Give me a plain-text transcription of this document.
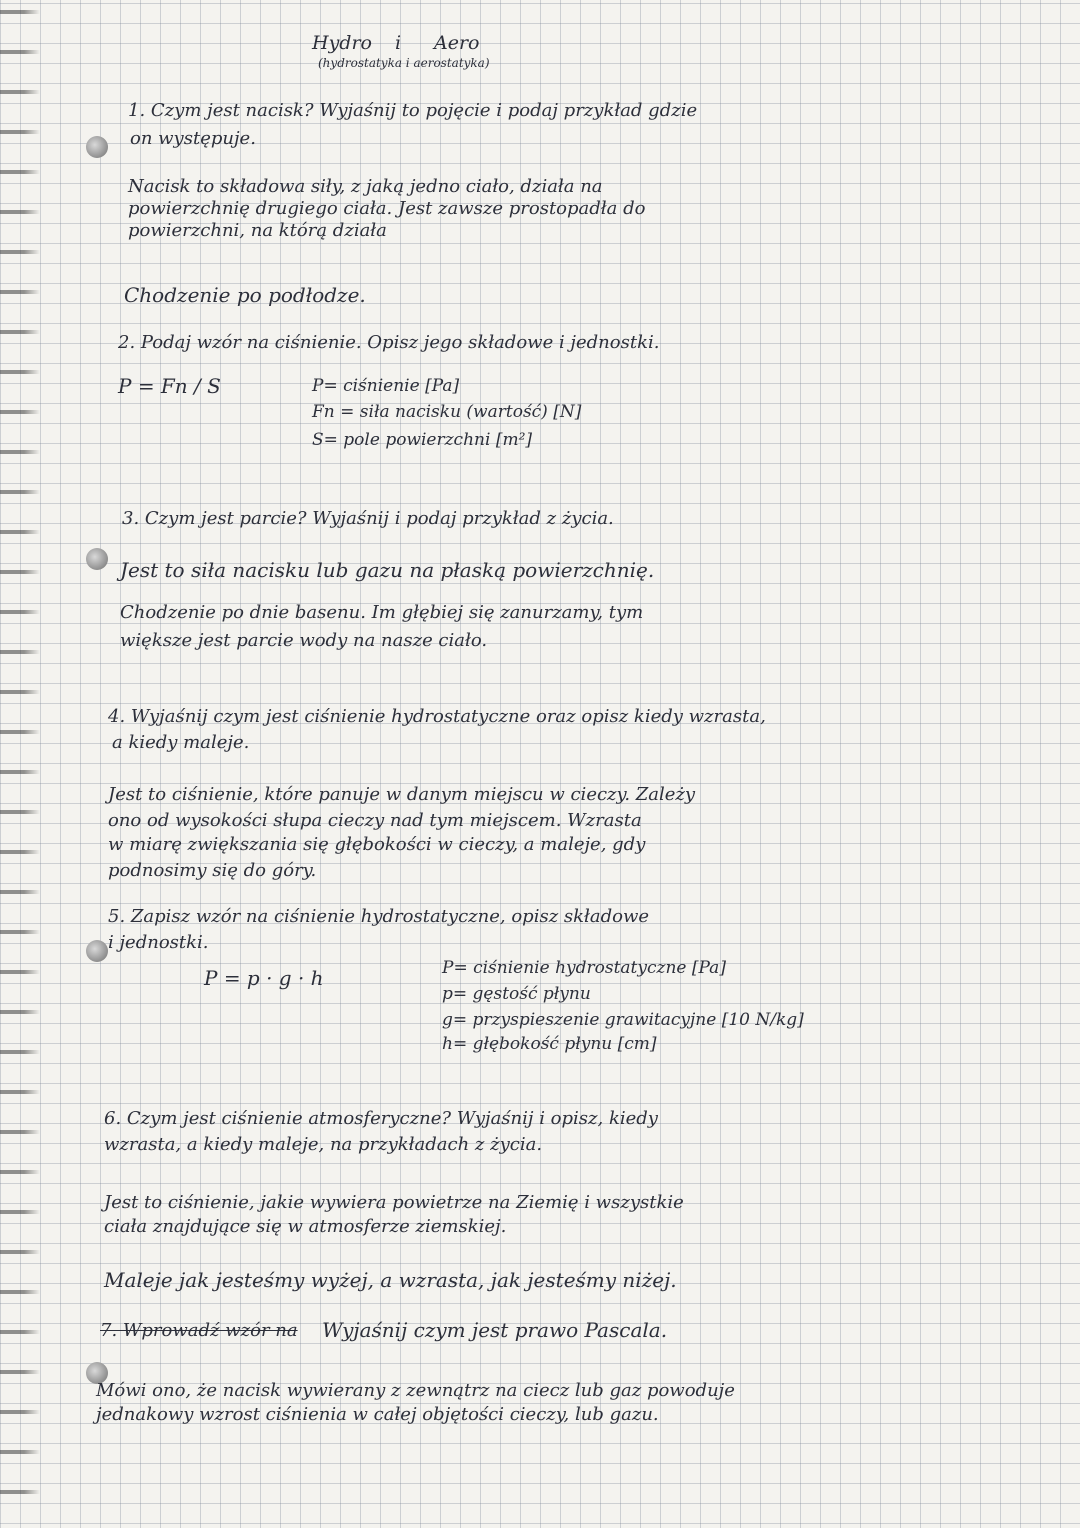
Hydro i Aero
(hydrostatyka i aerostatyka)
1. Czym jest nacisk? Wyjaśnij to pojęcie i podaj przykład gdzie
on występuje.
Nacisk to składowa siły, z jaką jedno ciało, działa na
powierzchnię drugiego ciała. Jest zawsze prostopadła do
powierzchni, na którą działa
Chodzenie po podłodze.
2. Podaj wzór na ciśnienie. Opisz jego składowe i jednostki.
P = Fn / S	P= ciśnienie [Pa]
Fn = siła nacisku (wartość) [N]
S= pole powierzchni [m²]
3. Czym jest parcie? Wyjaśnij i podaj przykład z życia.
Jest to siła nacisku lub gazu na płaską powierzchnię.
Chodzenie po dnie basenu. Im głębiej się zanurzamy, tym
większe jest parcie wody na nasze ciało.
4. Wyjaśnij czym jest ciśnienie hydrostatyczne oraz opisz kiedy wzrasta,
a kiedy maleje.
Jest to ciśnienie, które panuje w danym miejscu w cieczy. Zależy
ono od wysokości słupa cieczy nad tym miejscem. Wzrasta
w miarę zwiększania się głębokości w cieczy, a maleje, gdy
podnosimy się do góry.
5. Zapisz wzór na ciśnienie hydrostatyczne, opisz składowe
i jednostki.
P = p · g · h	P= ciśnienie hydrostatyczne [Pa]
p= gęstość płynu
g= przyspieszenie grawitacyjne [10 N/kg]
h= głębokość płynu [cm]
6. Czym jest ciśnienie atmosferyczne? Wyjaśnij i opisz, kiedy
wzrasta, a kiedy maleje, na przykładach z życia.
Jest to ciśnienie, jakie wywiera powietrze na Ziemię i wszystkie
ciała znajdujące się w atmosferze ziemskiej.
Maleje jak jesteśmy wyżej, a wzrasta, jak jesteśmy niżej.
7. Wprowadź wzór na Wyjaśnij czym jest prawo Pascala.
Mówi ono, że nacisk wywierany z zewnątrz na ciecz lub gaz powoduje
jednakowy wzrost ciśnienia w całej objętości cieczy, lub gazu.
